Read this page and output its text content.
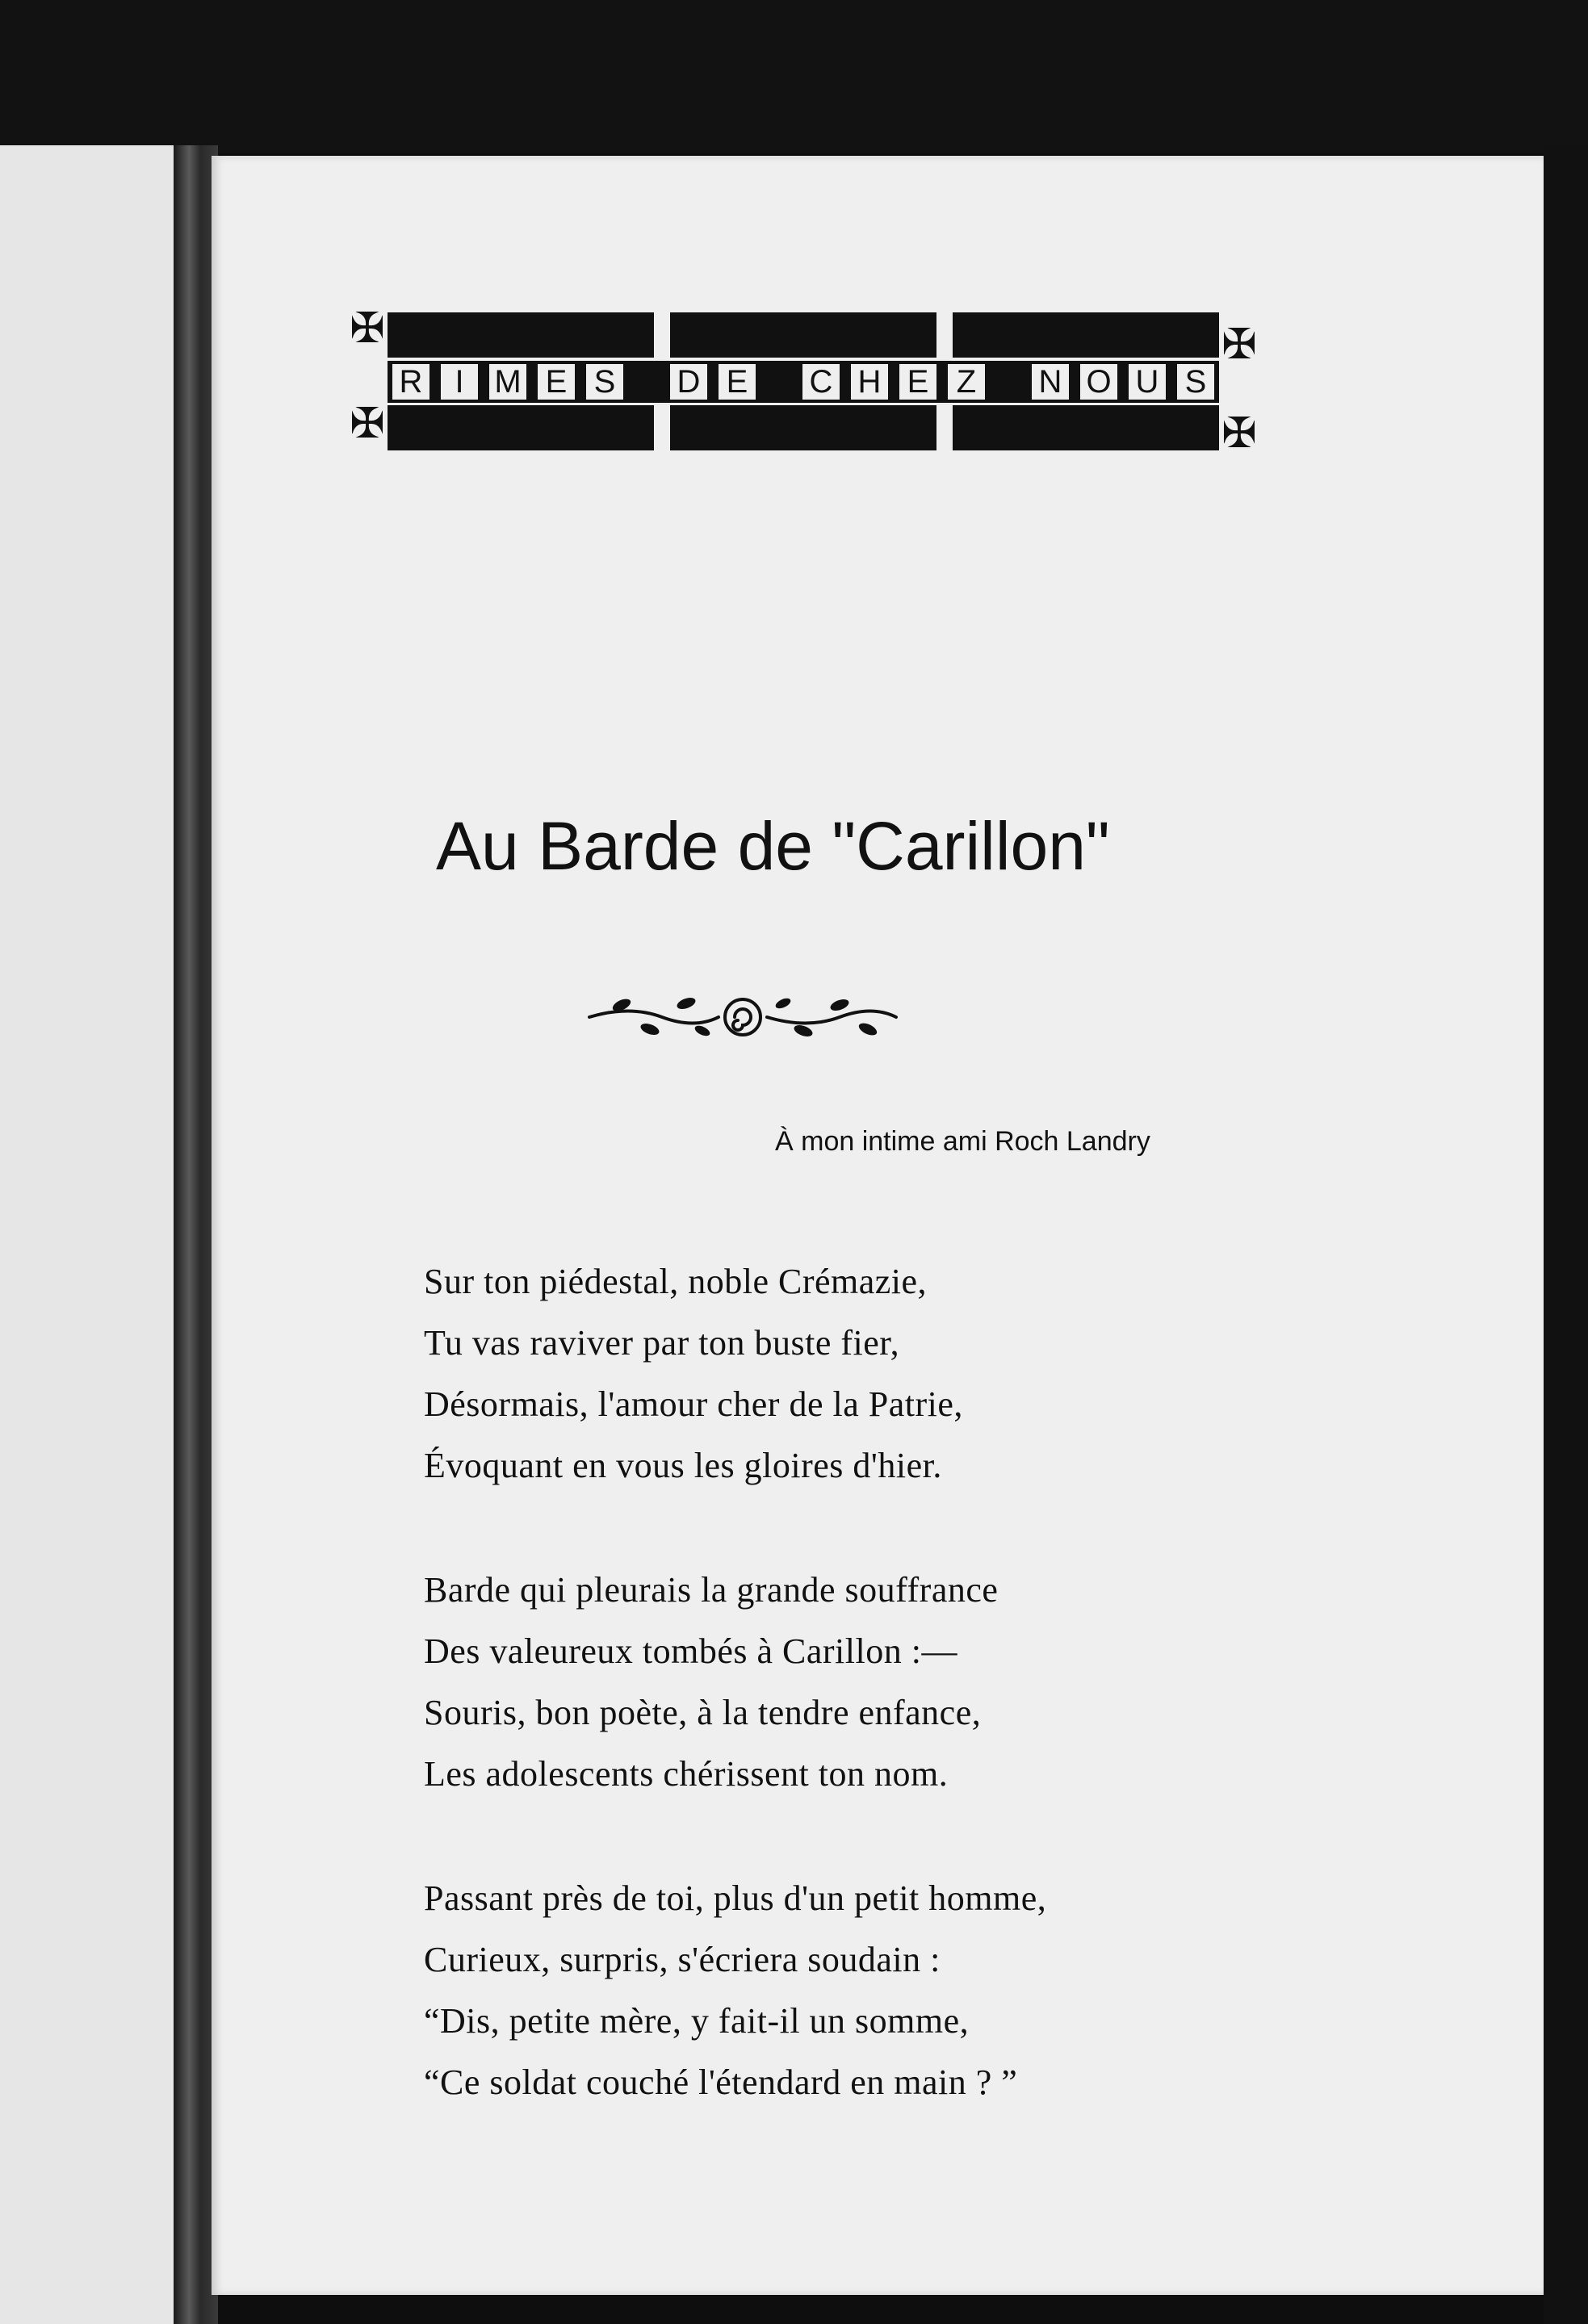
R	I M E S D E C H E Z N O U S
✠
✠
✠
✠
Au Barde de "Carillon"
À mon intime ami Roch Landry
Sur ton piédestal, noble Crémazie,
Tu vas raviver par ton buste fier,
Désormais, l'amour cher de la Patrie,
Évoquant en vous les gloires d'hier.
Barde qui pleurais la grande souffrance
Des valeureux tombés à Carillon :—
Souris, bon poète, à la tendre enfance,
Les adolescents chérissent ton nom.
Passant près de toi, plus d'un petit homme,
Curieux, surpris, s'écriera soudain :
“Dis, petite mère, y fait-il un somme,
“Ce soldat couché l'étendard en main ? ”
